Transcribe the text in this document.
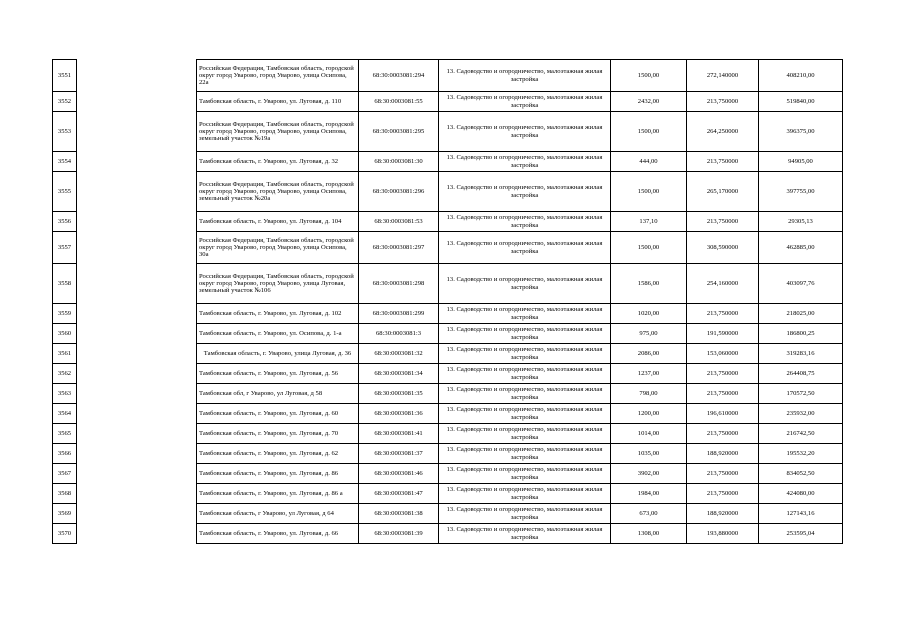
3551		Российская Федерация, Тамбовская область, городской округ город Уварово, город Уварово, улица Осипова, 22а	68:30:0003081:294	13. Садоводство и огородничество, малоэтажная жилая застройка	1500,00	272,140000	408210,00
3552		Тамбовская область, г. Уварово, ул. Луговая, д. 110	68:30:0003081:55	13. Садоводство и огородничество, малоэтажная жилая застройка	2432,00	213,750000	519840,00
3553		Российская Федерация, Тамбовская область, городской округ город Уварово, город Уварово, улица Осипова, земельный участок №19а	68:30:0003081:295	13. Садоводство и огородничество, малоэтажная жилая застройка	1500,00	264,250000	396375,00
3554		Тамбовская область, г. Уварово, ул. Луговая, д. 32	68:30:0003081:30	13. Садоводство и огородничество, малоэтажная жилая застройка	444,00	213,750000	94905,00
3555		Российская Федерация, Тамбовская область, городской округ город Уварово, город Уварово, улица Осипова, земельный участок №20а	68:30:0003081:296	13. Садоводство и огородничество, малоэтажная жилая застройка	1500,00	265,170000	397755,00
3556		Тамбовская область, г. Уварово, ул. Луговая, д. 104	68:30:0003081:53	13. Садоводство и огородничество, малоэтажная жилая застройка	137,10	213,750000	29305,13
3557		Российская Федерация, Тамбовская область, городской округ город Уварово, город Уварово, улица Осипова, 30а	68:30:0003081:297	13. Садоводство и огородничество, малоэтажная жилая застройка	1500,00	308,590000	462885,00
3558		Российская Федерация, Тамбовская область, городской округ город Уварово, город Уварово, улица Луговая, земельный участок №106	68:30:0003081:298	13. Садоводство и огородничество, малоэтажная жилая застройка	1586,00	254,160000	403097,76
3559		Тамбовская область, г. Уварово, ул. Луговая, д. 102	68:30:0003081:299	13. Садоводство и огородничество, малоэтажная жилая застройка	1020,00	213,750000	218025,00
3560		Тамбовская область, г. Уварово, ул. Осипова, д. 1-а	68:30:0003081:3	13. Садоводство и огородничество, малоэтажная жилая застройка	975,00	191,590000	186800,25
3561		Тамбовская область, г. Уварово, улица Луговая, д. 36	68:30:0003081:32	13. Садоводство и огородничество, малоэтажная жилая застройка	2086,00	153,060000	319283,16
3562		Тамбовская область, г. Уварово, ул. Луговая, д. 56	68:30:0003081:34	13. Садоводство и огородничество, малоэтажная жилая застройка	1237,00	213,750000	264408,75
3563		Тамбовская обл, г Уварово, ул Луговая, д 58	68:30:0003081:35	13. Садоводство и огородничество, малоэтажная жилая застройка	798,00	213,750000	170572,50
3564		Тамбовская область, г. Уварово, ул. Луговая, д. 60	68:30:0003081:36	13. Садоводство и огородничество, малоэтажная жилая застройка	1200,00	196,610000	235932,00
3565		Тамбовская область, г. Уварово, ул. Луговая, д. 70	68:30:0003081:41	13. Садоводство и огородничество, малоэтажная жилая застройка	1014,00	213,750000	216742,50
3566		Тамбовская область, г. Уварово, ул. Луговая, д. 62	68:30:0003081:37	13. Садоводство и огородничество, малоэтажная жилая застройка	1035,00	188,920000	195532,20
3567		Тамбовская область, г. Уварово, ул. Луговая, д. 86	68:30:0003081:46	13. Садоводство и огородничество, малоэтажная жилая застройка	3902,00	213,750000	834052,50
3568		Тамбовская область, г. Уварово, ул. Луговая, д. 86 а	68:30:0003081:47	13. Садоводство и огородничество, малоэтажная жилая застройка	1984,00	213,750000	424080,00
3569		Тамбовская область, г Уварово, ул Луговая, д 64	68:30:0003081:38	13. Садоводство и огородничество, малоэтажная жилая застройка	673,00	188,920000	127143,16
3570		Тамбовская область, г. Уварово, ул. Луговая, д. 66	68:30:0003081:39	13. Садоводство и огородничество, малоэтажная жилая застройка	1308,00	193,880000	253595,04
